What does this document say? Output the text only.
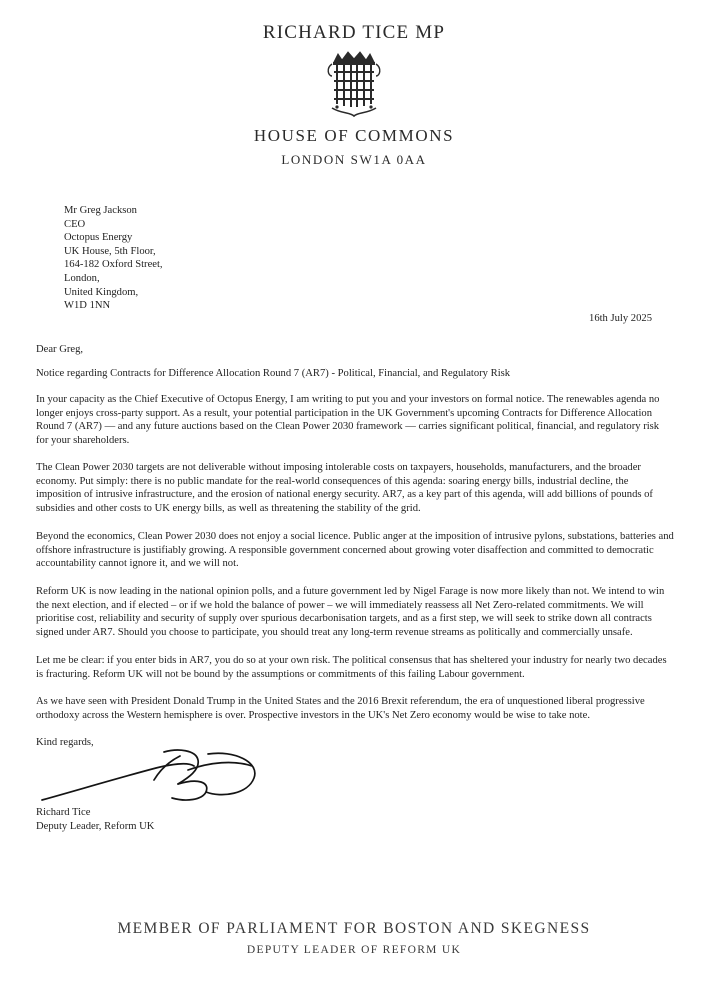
RICHARD TICE MP
HOUSE OF COMMONS
LONDON SW1A 0AA
Mr Greg Jackson
CEO
Octopus Energy
UK House, 5th Floor,
164-182 Oxford Street,
London,
United Kingdom,
W1D 1NN
16th July 2025
Dear Greg,
Notice regarding Contracts for Difference Allocation Round 7 (AR7) - Political, Financial, and Regulatory Risk

In your capacity as the Chief Executive of Octopus Energy, I am writing to put you and your investors on formal notice. The renewables agenda no longer enjoys cross-party support. As a result, your potential participation in the UK Government's upcoming Contracts for Difference Allocation Round 7 (AR7) — and any future auctions based on the Clean Power 2030 framework — carries significant political, financial, and regulatory risk for your shareholders.

The Clean Power 2030 targets are not deliverable without imposing intolerable costs on taxpayers, households, manufacturers, and the broader economy. Put simply: there is no public mandate for the real-world consequences of this agenda: soaring energy bills, industrial decline, the imposition of intrusive infrastructure, and the erosion of national energy security. AR7, as a key part of this agenda, will add billions of pounds of subsidies and other costs to UK energy bills, as well as threatening the stability of the grid.

Beyond the economics, Clean Power 2030 does not enjoy a social licence. Public anger at the imposition of intrusive pylons, substations, batteries and offshore infrastructure is justifiably growing. A responsible government concerned about growing voter disaffection and committed to democratic accountability cannot ignore it, and we will not.

Reform UK is now leading in the national opinion polls, and a future government led by Nigel Farage is now more likely than not. We intend to win the next election, and if elected – or if we hold the balance of power – we will immediately reassess all Net Zero-related commitments. We will prioritise cost, reliability and security of supply over spurious decarbonisation targets, and as a first step, we will seek to strike down all contracts signed under AR7. Should you choose to participate, you should treat any long-term revenue streams as politically and commercially unsafe.

Let me be clear: if you enter bids in AR7, you do so at your own risk. The political consensus that has sheltered your industry for nearly two decades is fracturing. Reform UK will not be bound by the assumptions or commitments of this failing Labour government.

As we have seen with President Donald Trump in the United States and the 2016 Brexit referendum, the era of unquestioned liberal progressive orthodoxy across the Western hemisphere is over. Prospective investors in the UK's Net Zero economy would be wise to take note.

Kind regards,
Richard Tice
Deputy Leader, Reform UK
MEMBER OF PARLIAMENT FOR BOSTON AND SKEGNESS
DEPUTY LEADER OF REFORM UK
